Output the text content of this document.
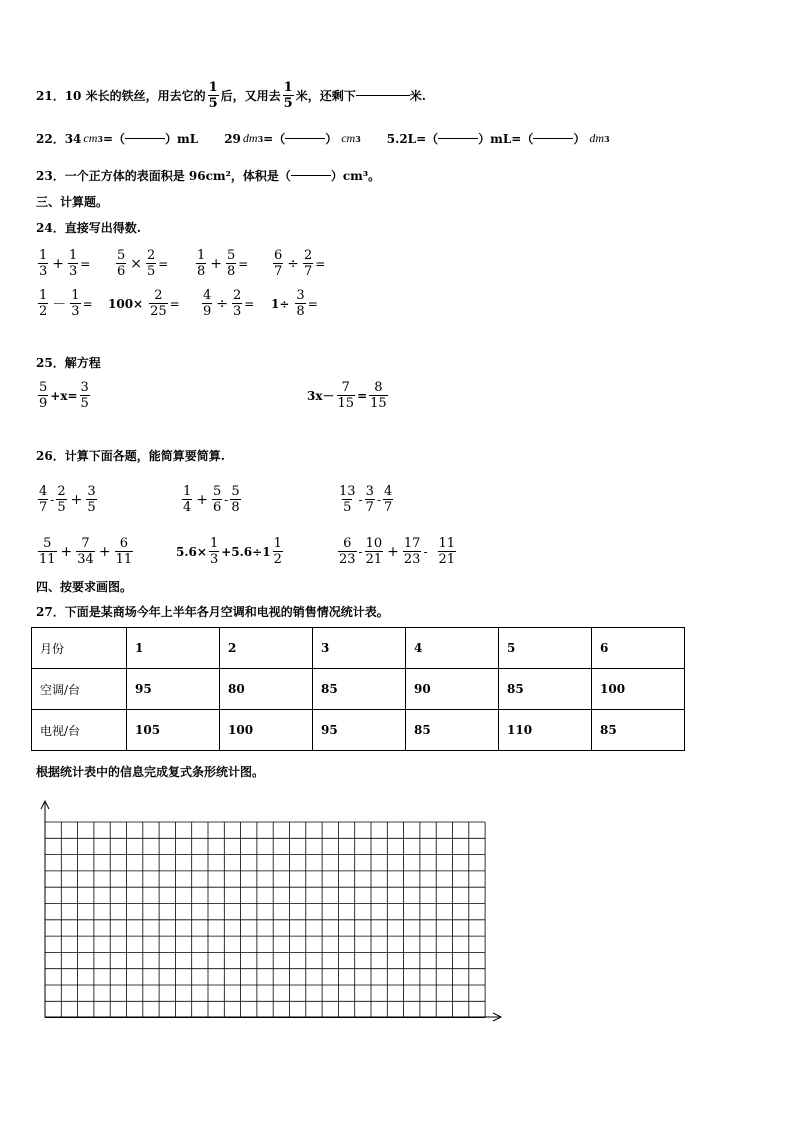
21． 10 米长的铁丝，用去它的 $\frac{1}{5}$ 后，又用去 $\frac{1}{5}$ 米，还剩下	米.
22． 34 cm 3 =（	）mL 29 dm 3 =（	） cm 3 5.2L=（	）mL=（	） dm 3
23． 一个正方体的表面积是 96cm²，体积是（	）cm³。
三、计算题。
24． 直接写出得数.
$\frac{1}{3} + \frac{1}{3} = \frac{5}{6} \times \frac{2}{5} = \frac{1}{8} + \frac{5}{8} = \frac{6}{7} \div \frac{2}{7}$ =
$\frac{1}{2} - \frac{1}{3} = 100\times \frac{2}{25} = \frac{4}{9} \div \frac{2}{3} = 1\div \frac{3}{8}$ =
25． 解方程
$\frac{5}{9} +x= \frac{3}{5}$	$3x- \frac{7}{15} = \frac{8}{15}$
26． 计算下面各题，能简算要简算.
$\frac{4}{7} - \frac{2}{5} + \frac{3}{5}$	$\frac{1}{4} + \frac{5}{6} - \frac{5}{8}$	$\frac{13}{5} - \frac{3}{7} - \frac{4}{7}$
$\frac{5}{11} + \frac{7}{34} + \frac{6}{11}$	$5.6\times \frac{1}{3} +5.6\div 1 \frac{1}{2}$	$\frac{6}{23} - \frac{10}{21} + \frac{17}{23} - \frac{11}{21}$
四、按要求画图。
27． 下面是某商场今年上半年各月空调和电视的销售情况统计表。
月份	1	2	3	4	5	6
空调/台	95	80	85	90	85	100
电视/台	105	100	95	85	110	85
根据统计表中的信息完成复式条形统计图。
